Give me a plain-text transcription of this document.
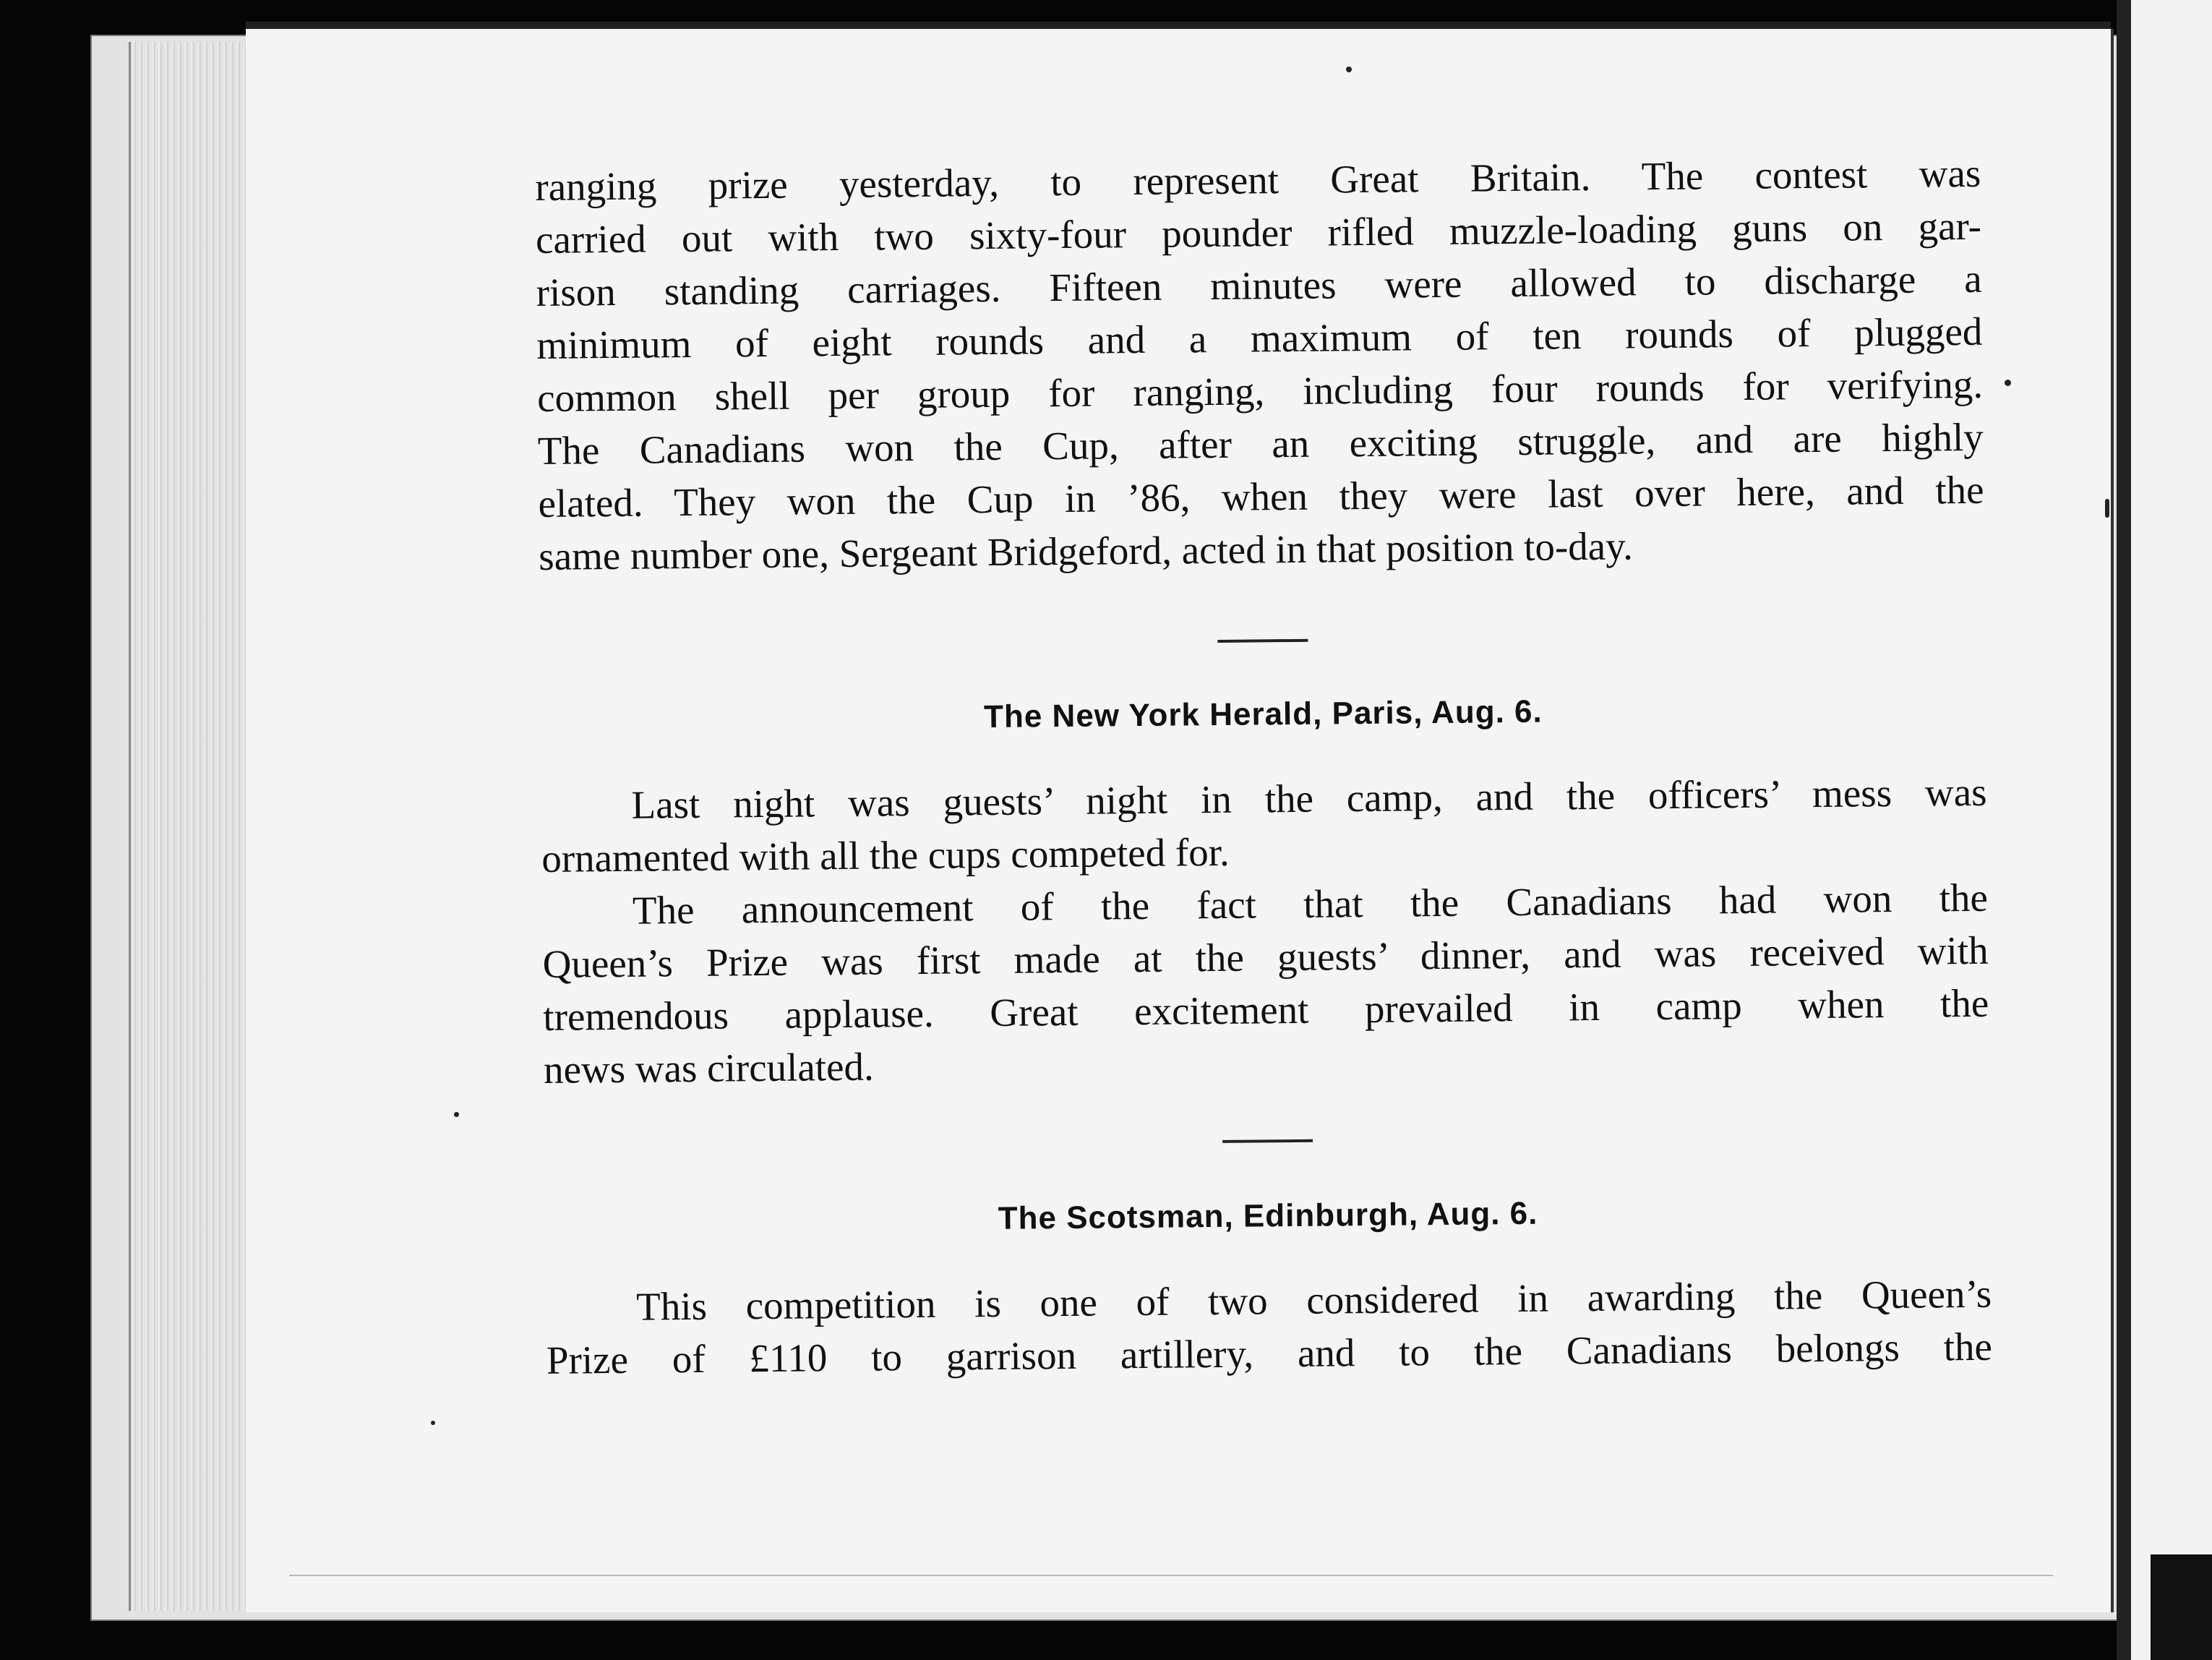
ranging prize yesterday, to represent Great Britain. The contest was
carried out with two sixty-four pounder rifled muzzle-loading guns on gar-
rison standing carriages. Fifteen minutes were allowed to discharge a
minimum of eight rounds and a maximum of ten rounds of plugged
common shell per group for ranging, including four rounds for verifying.
The Canadians won the Cup, after an exciting struggle, and are highly
elated. They won the Cup in ’86, when they were last over here, and the
same number one, Sergeant Bridgeford, acted in that position to-day.
The New York Herald, Paris, Aug. 6.
Last night was guests’ night in the camp, and the officers’ mess was
ornamented with all the cups competed for.
The announcement of the fact that the Canadians had won the
Queen’s Prize was first made at the guests’ dinner, and was received with
tremendous applause. Great excitement prevailed in camp when the
news was circulated.
The Scotsman, Edinburgh, Aug. 6.
This competition is one of two considered in awarding the Queen’s
Prize of £110 to garrison artillery, and to the Canadians belongs the
